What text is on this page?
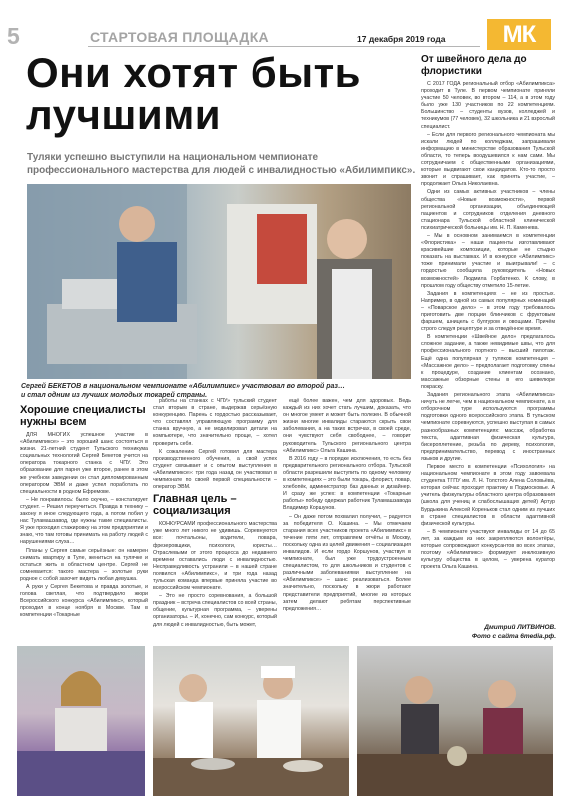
5	СТАРТОВАЯ ПЛОЩАДКА	17 декабря 2019 года	МК
Они хотят быть лучшими
Туляки успешно выступили на национальном чемпионате профессионального мастерства для людей с инвалидностью «Абилимпикс».
Сергей БЕКЕТОВ в национальном чемпионате «Абилимпикс» участвовал во второй раз… и стал одним из лучших молодых токарей страны.
Хорошие специалисты нужны всем

ДЛЯ МНОГИХ успешное участие в «Абилимпиксе» – это хороший шанс состояться в жизни. 21-летний студент Тульского техникума социальных технологий Сергей Бекетов учится на оператора токарного станка с ЧПУ. Это образование для парня уже второе, ранее в этом же учебном заведении он стал дипломированным оператором ЭВМ и даже успел поработать по специальности в родном Ефремове.

– Не понравилось: было скучно, – констатирует студент. – Решил переучиться. Правда в технику – закону я иное следующего года, а потом побил у нас Туламашзавод, где нужны такие специалисты. Я уже проходил стажировку на этом предприятии и знаю, что там готовы принимать на работу людей с нарушениями слуха…

Планы у Сергея самые серьёзные: он намерен снимать квартиру в Туле, жениться на тулячке и остаться жить в областном центре. Сергей не сомневается: такого мастера – золотые руки родное с собой захочет видеть любая девушка.

А руки у Сергея Бекетова и правда золотые, и голова светлая, что подтвердило жюри Всероссийского конкурса «Абилимпикс», который проходил в конце ноября в Москве. Там в компетенции «Токарные

работы на станках с ЧПУ» тульский студент стал вторым в стране, выдержав серьёзную конкуренцию. Парень с гордостью рассказывает, что составлял управляющую программу для станка вручную, а не моделировал детали на компьютере, что значительно проще, – хотел проверить себя.

К сожалению Сергей готовил для мастера производственного обучения, а свой успех студент связывает и с опытом выступления в «Абилимпиксе»: три года назад он участвовал в чемпионате по своей первой специальности – оператор ЭВМ.

Главная цель – социализация

КОНКУРСАМИ профессионального мастерства уже много лет никого не удивишь. Соревнуются все: почтальоны, водители, повара, фрезеровщики, психологи, юристы… Отраслевыми от этого процесса до недавнего времени оставались люди с инвалидностью. Несправедливость устранили – в нашей стране появился «Абилимпикс», и три года назад тульская команда впервые приняла участие во всероссийском чемпионате.

– Это не просто соревнования, а большой праздник – встреча специалистов со всей страны, общение, культурная программа, – уверены организаторы. – И, конечно, сам конкурс, который для людей с инвалидностью, быть может,

ещё более важен, чем для здоровых. Ведь каждый из них хочет стать лучшим, доказать, что он многое умеет и может быть полезен. В обычной жизни многие инвалиды стараются скрыть свои заболевания, а на таких встречах, в своей среде, они чувствуют себя свободнее, – говорит руководитель Тульского регионального центра «Абилимпикс» Ольга Кашина.

В 2016 году – в порядке исключения, то есть без предварительного регионального отбора. Тульской области разрешили выступить по одному человеку в компетенциях – это были токарь, флорист, повар, хлебопёк, администратор баз данных и дизайнер. И сразу же успех: в компетенции «Токарные работы» победу одержал работник Туламашзавода Владимир Коршунов.

– Он даже потом похвалил получил, – радуется за победителя О. Кашина. – Мы отмечаем старания всех участников проекта «Абилимпикс» в течение пяти лет, отправляем отчёты в Москву, поскольку одна из целей движения – социализация инвалидов. И если гордо Коршунов, участвуя в чемпионате, был уже трудоустроенным специалистом, то для школьников и студентов с различными заболеваниями выступление на «Абилимпиксе» – шанс реализоваться. Более значительно, поскольку в жюри работают представители предприятий, многие из которых затем делают ребятам перспективные предложения…

От швейного дела до флористики

С 2017 ГОДА региональный отбор «Абилимпикса» проходит в Туле. В первом чемпионате приняли участие 50 человек, во втором – 114, а в этом году было уже 130 участников по 22 компетенциям. Большинство – студенты вузов, колледжей и техникумов (77 человек), 32 школьника и 21 взрослый специалист.

– Если для первого регионального чемпионата мы искали людей по колледжам, запрашивали информацию в министерстве образования Тульской области, то теперь воодушевился к нам сами. Мы сотрудничаем с общественными организациями, которые выдвигают свои кандидатов. Кто-то просто звонит и спрашивает, как принять участие, – продолжает Ольга Николаевна.

Одни из самых активных участников – члены общества «Новые возможности», первой региональной организации, объединяющей пациентов и сотрудников отделения дневного стационара Тульской областной клинической психиатрической больницы им. Н. П. Каменева.

– Мы в основном занимаемся в компетенции «Флористика» – наши пациенты изготавливают красивейшие композиции, которые не стыдно показать на выставках. И в конкурсе «Абилимпикс» тоже принимали участие и выигрывали! – с гордостью сообщила руководитель «Новых возможностей» Людмила Горбатенко. К слову, в прошлом году обществу отметило 15-летие.

Задания в компетенциях – не из простых. Например, в одной из самых популярных номинаций – «Поварское дело» – в этом году требовалось приготовить две порции блинчиков с фруктовым фаршем, шницель с булгуром и овощами. Причём строго следуя рецептуре и за отведённое время.

В компетенции «Швейное дело» предлагалось сложное задание, а также невидимые швы, что для профессионального портного – высший пилотаж. Ещё одна популярная у туляков компетенция – «Массажное дело» – предполагает подготовку спины к процедуре, создание клиентам осознано, массажные обзорные стены в его шевелюре покраску.

Задания регионального этапа «Абилимпикса» ничуть не легче, чем в национальном чемпионате, а в отборочном туре используются программы подготовки одного всероссийского этапа. В тульском чемпионате соревнуются, успешно выступая в самых разнообразных компетенциях: массаж, обработка текста, адаптивная физическая культура, бисероплетение, резьба по дереву, психология, предпринимательство, перевод с иностранных языков и другие.

Первое место в компетенции «Психология» на национальном чемпионате в этом году завоевала студентка ТГПУ им. Л. Н. Толстого Алена Соловьёва, которая сейчас проходит практику в Подмосковье. А учитель физкультуры областного центра образования (школа для учениц и слабослышащих детей) Артур Бурдыкина Алексей Кореньков стал одним из лучших в стране специалистов в области адаптивной физической культуры.

– В чемпионате участвуют инвалиды от 14 до 65 лет, за каждым из них закрепляются волонтёры, которые сопровождают конкурсантов во всех этапах, поэтому «Абилимпикс» формирует инклюзивную культуру общества в целом, – уверена куратор проекта Ольга Кашина.

Дмитрий ЛИТВИНОВ.
Фото с сайта 6media.рф.
